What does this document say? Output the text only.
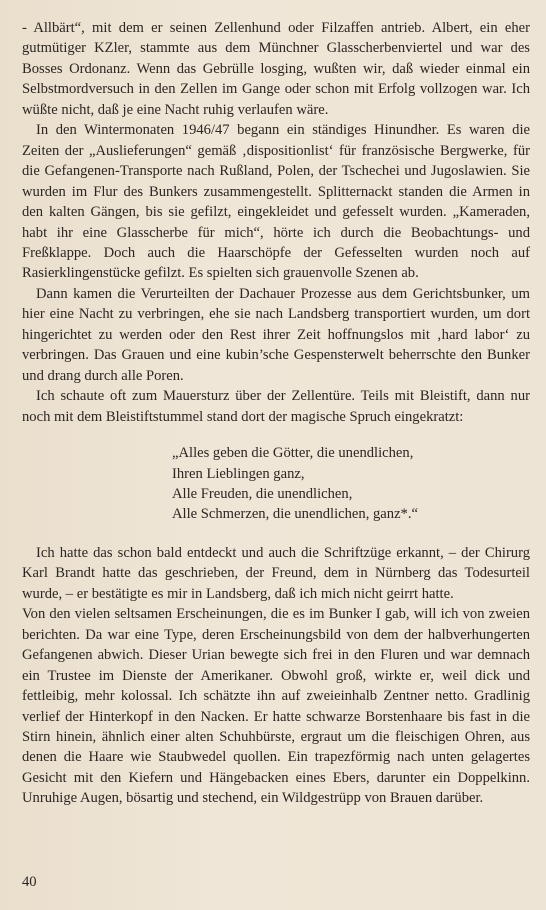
- Allbärt“, mit dem er seinen Zellenhund oder Filzaffen antrieb. Albert, ein eher gutmütiger KZler, stammte aus dem Münchner Glasscherbenviertel und war des Bosses Ordonanz. Wenn das Gebrülle losging, wußten wir, daß wieder einmal ein Selbstmordversuch in den Zellen im Gange oder schon mit Erfolg vollzogen war. Ich wüßte nicht, daß je eine Nacht ruhig verlaufen wäre.

In den Wintermonaten 1946/47 begann ein ständiges Hinundher. Es waren die Zeiten der „Auslieferungen“ gemäß ‚dispositionlist‘ für französische Bergwerke, für die Gefangenen-Transporte nach Rußland, Polen, der Tschechei und Jugoslawien. Sie wurden im Flur des Bunkers zusammengestellt. Splitternackt standen die Armen in den kalten Gängen, bis sie gefilzt, eingekleidet und gefesselt wurden. „Kameraden, habt ihr eine Glasscherbe für mich“, hörte ich durch die Beobachtungs- und Freßklappe. Doch auch die Haarschöpfe der Gefesselten wurden noch auf Rasierklingenstücke gefilzt. Es spielten sich grauenvolle Szenen ab.

Dann kamen die Verurteilten der Dachauer Prozesse aus dem Gerichtsbunker, um hier eine Nacht zu verbringen, ehe sie nach Landsberg transportiert wurden, um dort hingerichtet zu werden oder den Rest ihrer Zeit hoffnungslos mit ‚hard labor‘ zu verbringen. Das Grauen und eine kubin’sche Gespensterwelt beherrschte den Bunker und drang durch alle Poren.

Ich schaute oft zum Mauersturz über der Zellentüre. Teils mit Bleistift, dann nur noch mit dem Bleistiftstummel stand dort der magische Spruch eingekratzt:

„Alles geben die Götter, die unendlichen,
Ihren Lieblingen ganz,
Alle Freuden, die unendlichen,
Alle Schmerzen, die unendlichen, ganz*.“

Ich hatte das schon bald entdeckt und auch die Schriftzüge erkannt, – der Chirurg Karl Brandt hatte das geschrieben, der Freund, dem in Nürnberg das Todesurteil wurde, – er bestätigte es mir in Landsberg, daß ich mich nicht geirrt hatte.

Von den vielen seltsamen Erscheinungen, die es im Bunker I gab, will ich von zweien berichten. Da war eine Type, deren Erscheinungsbild von dem der halbverhungerten Gefangenen abwich. Dieser Urian bewegte sich frei in den Fluren und war demnach ein Trustee im Dienste der Amerikaner. Obwohl groß, wirkte er, weil dick und fettleibig, mehr kolossal. Ich schätzte ihn auf zweieinhalb Zentner netto. Gradlinig verlief der Hinterkopf in den Nacken. Er hatte schwarze Borstenhaare bis fast in die Stirn hinein, ähnlich einer alten Schuhbürste, ergraut um die fleischigen Ohren, aus denen die Haare wie Staubwedel quollen. Ein trapezförmig nach unten gelagertes Gesicht mit den Kiefern und Hängebacken eines Ebers, darunter ein Doppelkinn. Unruhige Augen, bösartig und stechend, ein Wildgestrüpp von Brauen darüber.

40
